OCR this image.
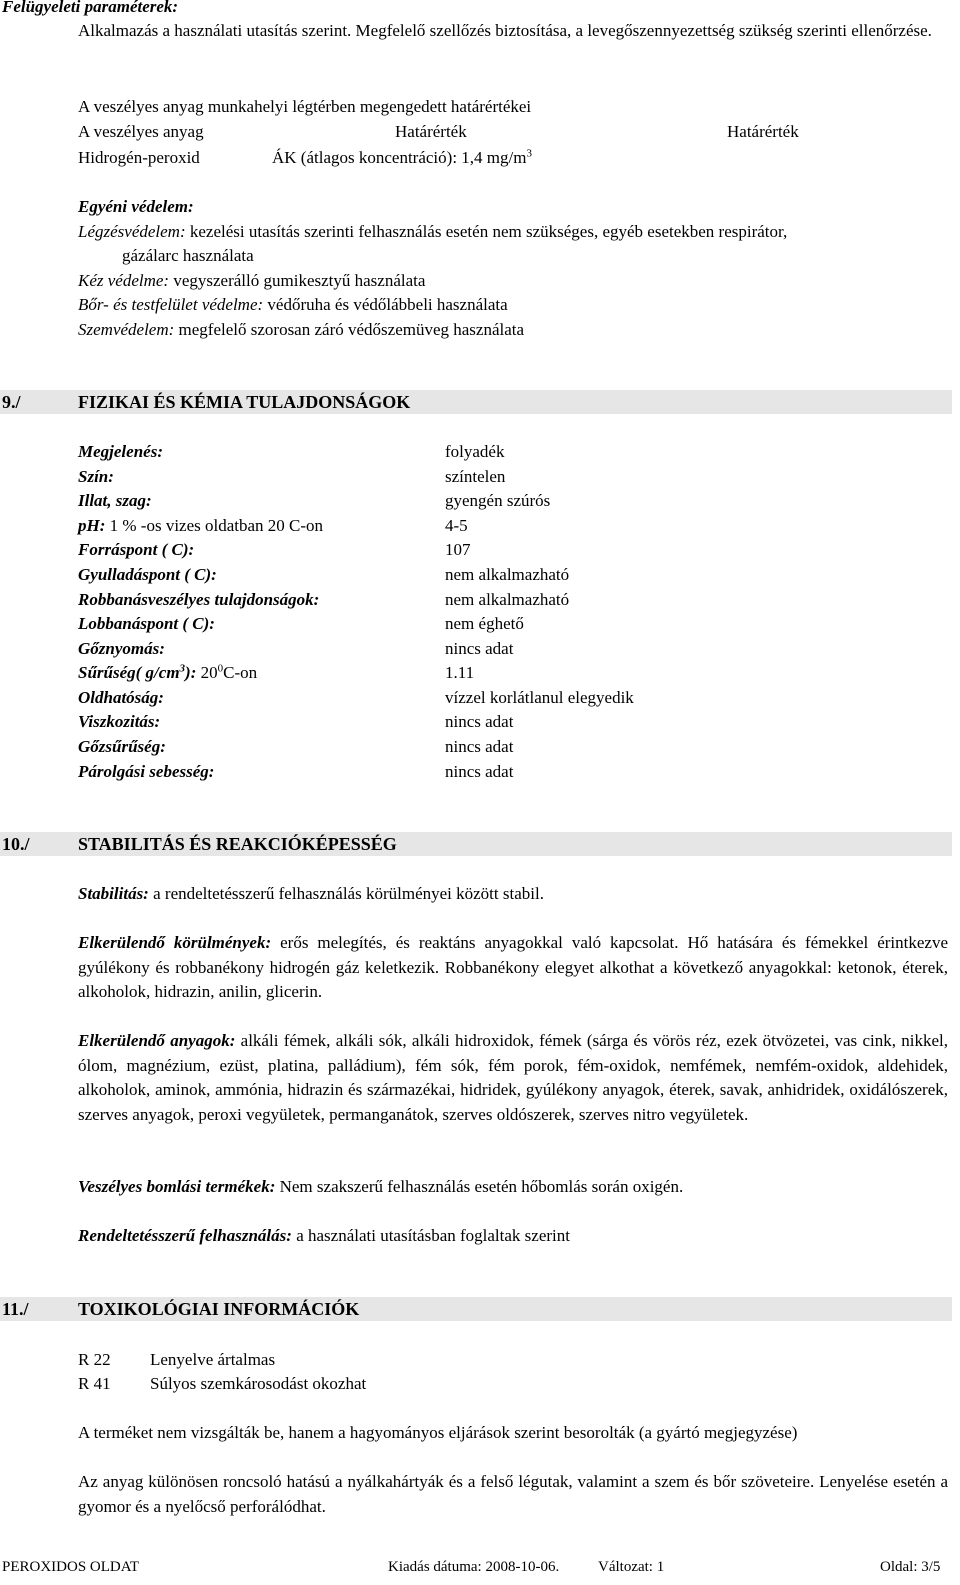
Felügyeleti paraméterek:
Alkalmazás a használati utasítás szerint. Megfelelő szellőzés biztosítása, a levegőszennyezettség szükség szerinti ellenőrzése.
A veszélyes anyag munkahelyi légtérben megengedett határértékei
A veszélyes anyag	Határérték	Határérték
Hidrogén-peroxid	ÁK (átlagos koncentráció): 1,4 $mg/m^3$
Egyéni védelem:
Légzésvédelem: kezelési utasítás szerinti felhasználás esetén nem szükséges, egyéb esetekben respirátor,
gázálarc használata
Kéz védelme: vegyszerálló gumikesztyű használata
Bőr- és testfelület védelme: védőruha és védőlábbeli használata
Szemvédelem: megfelelő szorosan záró védőszemüveg használata
9./	FIZIKAI ÉS KÉMIA TULAJDONSÁGOK
Megjelenés:	folyadék
Szín:	színtelen
Illat, szag:	gyengén szúrós
pH: 1 % -os vizes oldatban 20 C-on	4-5
Forráspont ( C):	107
Gyulladáspont ( C):	nem alkalmazható
Robbanásveszélyes tulajdonságok:	nem alkalmazható
Lobbanáspont ( C):	nem éghető
Gőznyomás:	nincs adat
Sűrűség( $g/cm^3$): $20^0C-on$	1.11
Oldhatóság:	vízzel korlátlanul elegyedik
Viszkozitás:	nincs adat
Gőzsűrűség:	nincs adat
Párolgási sebesség:	nincs adat
10./	STABILITÁS ÉS REAKCIÓKÉPESSÉG
Stabilitás: a rendeltetésszerű felhasználás körülményei között stabil.
Elkerülendő körülmények: erős melegítés, és reaktáns anyagokkal való kapcsolat. Hő hatására és fémekkel érintkezve gyúlékony és robbanékony hidrogén gáz keletkezik. Robbanékony elegyet alkothat a következő anyagokkal: ketonok, éterek, alkoholok, hidrazin, anilin, glicerin.
Elkerülendő anyagok: alkáli fémek, alkáli sók, alkáli hidroxidok, fémek (sárga és vörös réz, ezek ötvözetei, vas cink, nikkel, ólom, magnézium, ezüst, platina, palládium), fém sók, fém porok, fém-oxidok, nemfémek, nemfém-oxidok, aldehidek, alkoholok, aminok, ammónia, hidrazin és származékai, hidridek, gyúlékony anyagok, éterek, savak, anhidridek, oxidálószerek, szerves anyagok, peroxi vegyületek, permanganátok, szerves oldószerek, szerves nitro vegyületek.
Veszélyes bomlási termékek: Nem szakszerű felhasználás esetén hőbomlás során oxigén.
Rendeltetésszerű felhasználás: a használati utasításban foglaltak szerint
11./	TOXIKOLÓGIAI INFORMÁCIÓK
R 22 Lenyelve ártalmas
R 41 Súlyos szemkárosodást okozhat
A terméket nem vizsgálták be, hanem a hagyományos eljárások szerint besorolták (a gyártó megjegyzése)
Az anyag különösen roncsoló hatású a nyálkahártyák és a felső légutak, valamint a szem és bőr szöveteire. Lenyelése esetén a gyomor és a nyelőcső perforálódhat.
PEROXIDOS OLDAT	Kiadás dátuma: 2008-10-06.	Változat: 1	Oldal: 3/5
